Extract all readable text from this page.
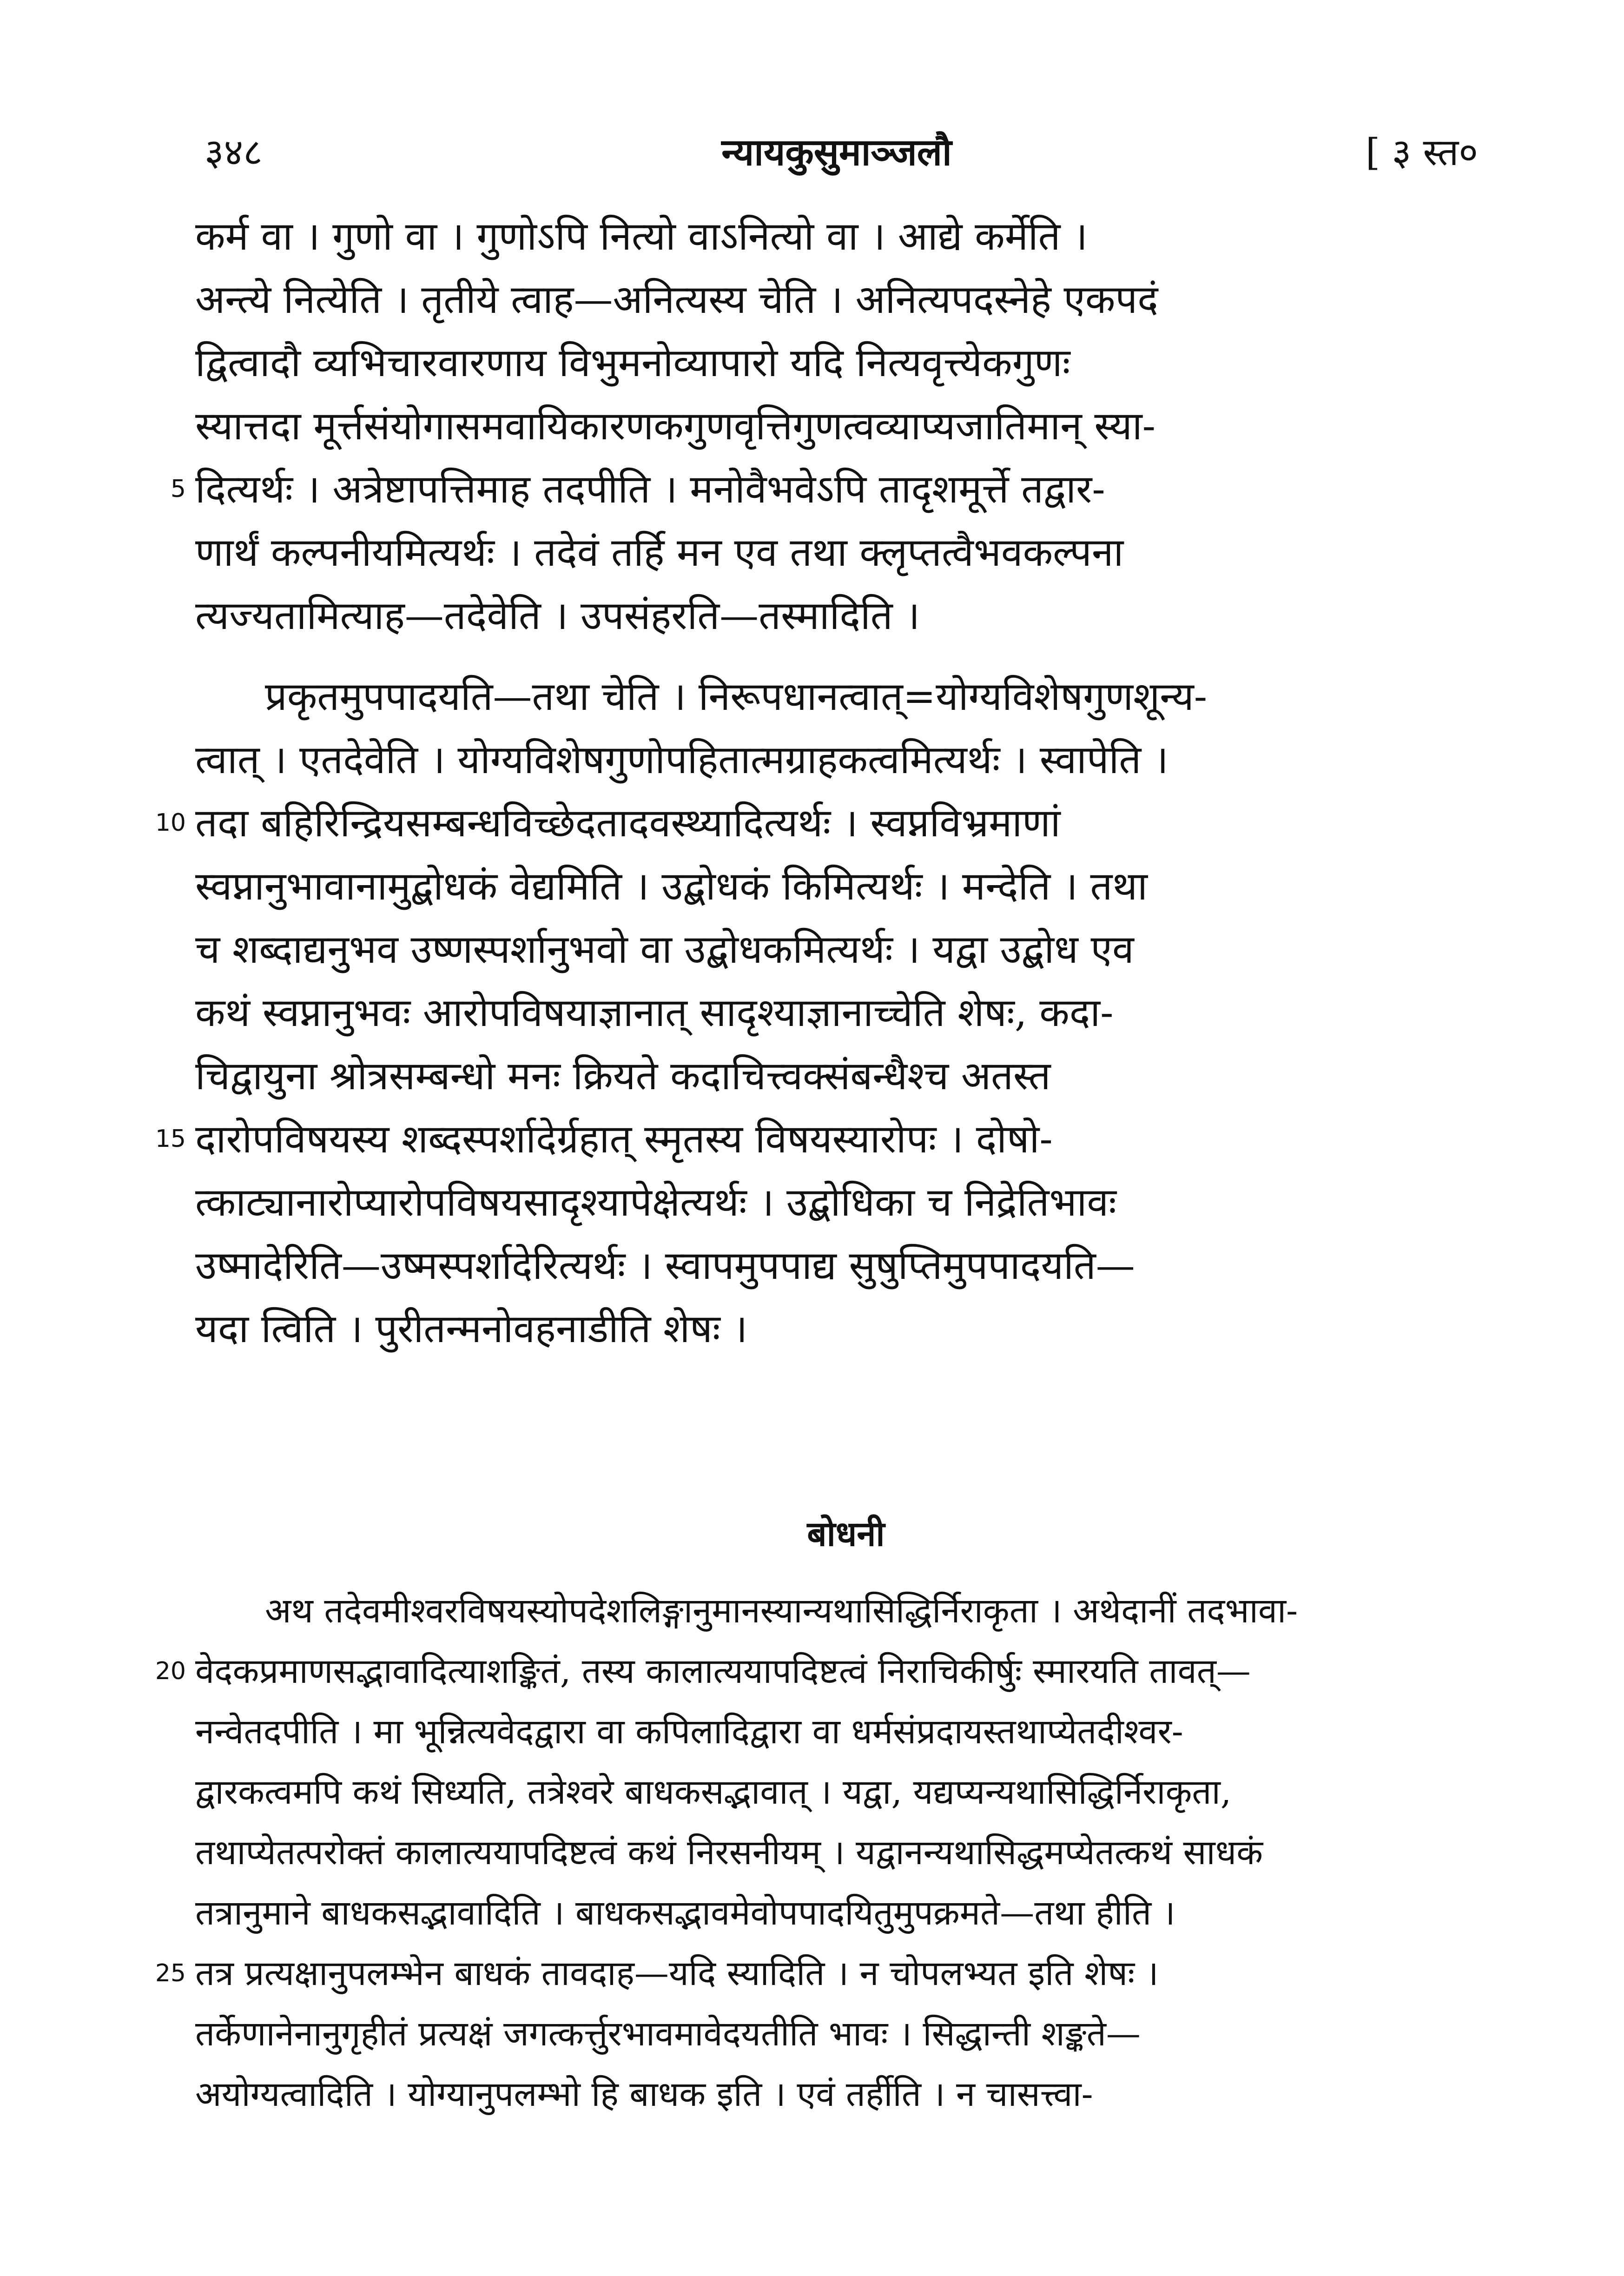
३४८	न्यायकुसुमाञ्जलौ	[ ३ स्त०
कर्म वा । गुणो वा । गुणोऽपि नित्यो वाऽनित्यो वा । आद्ये कर्मेति ।
अन्त्ये नित्येति । तृतीये त्वाह—अनित्यस्य चेति । अनित्यपदस्नेहे एकपदं
द्वित्वादौ व्यभिचारवारणाय विभुमनोव्यापारो यदि नित्यवृत्त्येकगुणः
स्यात्तदा मूर्त्तसंयोगासमवायिकारणकगुणवृत्तिगुणत्वव्याप्यजातिमान् स्या-
5 दित्यर्थः । अत्रेष्टापत्तिमाह तदपीति । मनोवैभवेऽपि तादृशमूर्त्ते तद्वार-
णार्थं कल्पनीयमित्यर्थः । तदेवं तर्हि मन एव तथा क्लृप्तत्वैभवकल्पना
त्यज्यतामित्याह—तदेवेति । उपसंहरति—तस्मादिति ।
प्रकृतमुपपादयति—तथा चेति । निरूपधानत्वात्=योग्यविशेषगुणशून्य-
त्वात् । एतदेवेति । योग्यविशेषगुणोपहितात्मग्राहकत्वमित्यर्थः । स्वापेति ।
10 तदा बहिरिन्द्रियसम्बन्धविच्छेदतादवस्थ्यादित्यर्थः । स्वप्नविभ्रमाणां
स्वप्नानुभावानामुद्बोधकं वेद्यमिति । उद्बोधकं किमित्यर्थः । मन्देति । तथा
च शब्दाद्यनुभव उष्णस्पर्शानुभवो वा उद्बोधकमित्यर्थः । यद्वा उद्बोध एव
कथं स्वप्नानुभवः आरोपविषयाज्ञानात् सादृश्याज्ञानाच्चेति शेषः, कदा-
चिद्वायुना श्रोत्रसम्बन्धो मनः क्रियते कदाचित्त्वक्संबन्धैश्च अतस्त
15 दारोपविषयस्य शब्दस्पर्शादेर्ग्रहात् स्मृतस्य विषयस्यारोपः । दोषो-
त्काट्यानारोप्यारोपविषयसादृश्यापेक्षेत्यर्थः । उद्बोधिका च निद्रेतिभावः
उष्मादेरिति—उष्मस्पर्शादेरित्यर्थः । स्वापमुपपाद्य सुषुप्तिमुपपादयति—
यदा त्विति । पुरीतन्मनोवहनाडीति शेषः ।
बोधनी
अथ तदेवमीश्वरविषयस्योपदेशलिङ्गानुमानस्यान्यथासिद्धिर्निराकृता । अथेदानीं तदभावा-
20 वेदकप्रमाणसद्भावादित्याशङ्कितं, तस्य कालात्ययापदिष्टत्वं निराचिकीर्षुः स्मारयति तावत्—
नन्वेतदपीति । मा भून्नित्यवेदद्वारा वा कपिलादिद्वारा वा धर्मसंप्रदायस्तथाप्येतदीश्वर-
द्वारकत्वमपि कथं सिध्यति, तत्रेश्वरे बाधकसद्भावात् । यद्वा, यद्यप्यन्यथासिद्धिर्निराकृता,
तथाप्येतत्परोक्तं कालात्ययापदिष्टत्वं कथं निरसनीयम् । यद्वानन्यथासिद्धमप्येतत्कथं साधकं
तत्रानुमाने बाधकसद्भावादिति । बाधकसद्भावमेवोपपादयितुमुपक्रमते—तथा हीति ।
25 तत्र प्रत्यक्षानुपलम्भेन बाधकं तावदाह—यदि स्यादिति । न चोपलभ्यत इति शेषः ।
तर्केणानेनानुगृहीतं प्रत्यक्षं जगत्कर्त्तुरभावमावेदयतीति भावः । सिद्धान्ती शङ्कते—
अयोग्यत्वादिति । योग्यानुपलम्भो हि बाधक इति । एवं तर्हीति । न चासत्त्वा-
